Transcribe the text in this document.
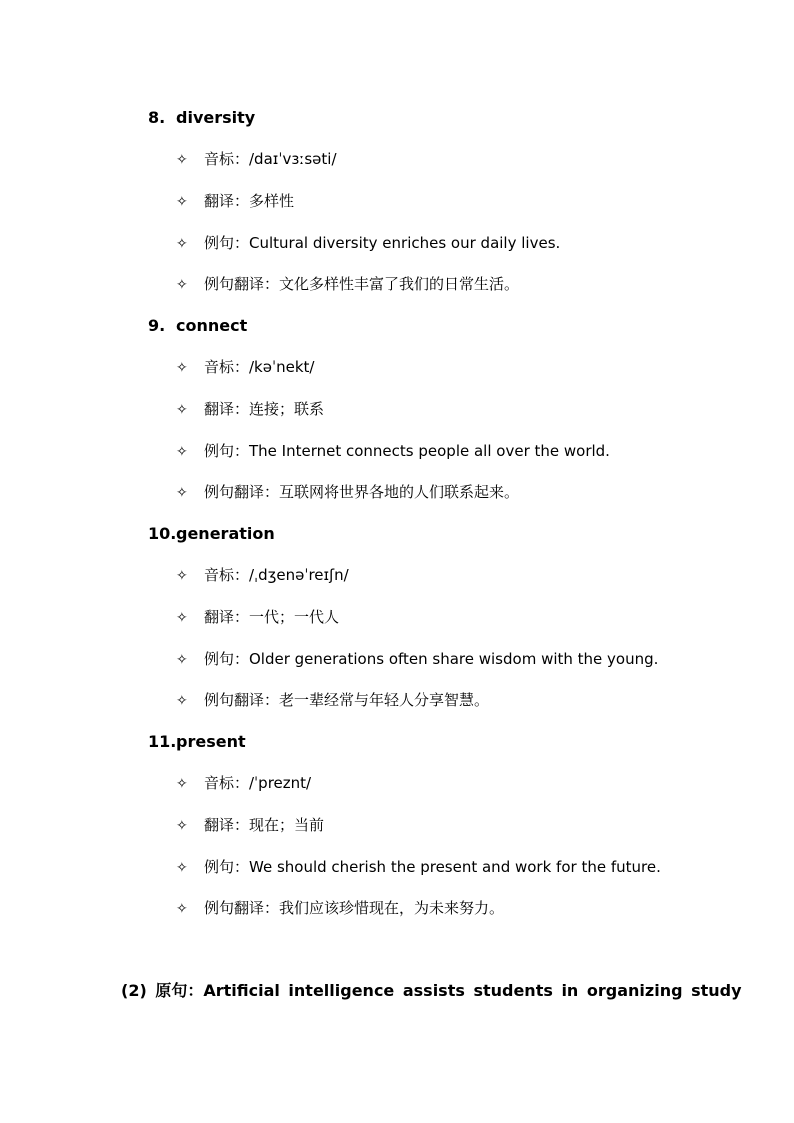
8. diversity
✧ 音标：/daɪˈvɜːsəti/
✧ 翻译：多样性
✧ 例句：Cultural diversity enriches our daily lives.
✧ 例句翻译：文化多样性丰富了我们的日常生活。
9. connect
✧ 音标：/kəˈnekt/
✧ 翻译：连接；联系
✧ 例句：The Internet connects people all over the world.
✧ 例句翻译：互联网将世界各地的人们联系起来。
10.generation
✧ 音标：/ˌdʒenəˈreɪʃn/
✧ 翻译：一代；一代人
✧ 例句：Older generations often share wisdom with the young.
✧ 例句翻译：老一辈经常与年轻人分享智慧。
11.present
✧ 音标：/ˈpreznt/
✧ 翻译：现在；当前
✧ 例句：We should cherish the present and work for the future.
✧ 例句翻译：我们应该珍惜现在，为未来努力。
(2) 原句：Artificial intelligence assists students in organizing study
